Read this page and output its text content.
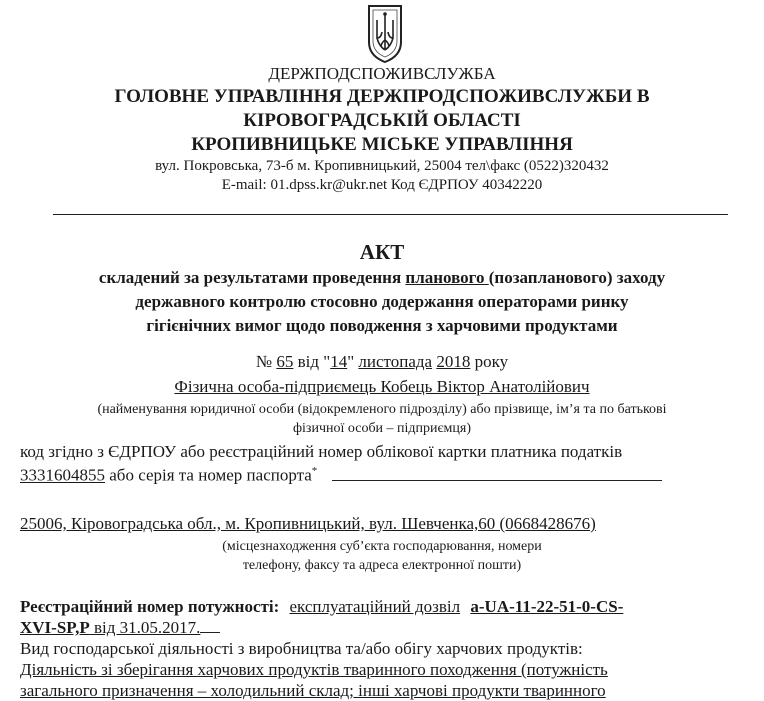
ДЕРЖПОДСПОЖИВСЛУЖБА
ГОЛОВНЕ УПРАВЛІННЯ ДЕРЖПРОДСПОЖИВСЛУЖБИ В
КІРОВОГРАДСЬКІЙ ОБЛАСТІ
КРОПИВНИЦЬКЕ МІСЬКЕ УПРАВЛІННЯ
вул. Покровська, 73-б м. Кропивницький, 25004 тел\факс (0522)320432
E-mail: 01.dpss.kr@ukr.net Код ЄДРПОУ 40342220
АКТ
складений за результатами проведення планового (позапланового) заходу
державного контролю стосовно додержання операторами ринку
гігієнічних вимог щодо поводження з харчовими продуктами
№ 65 від "14" листопада 2018 року
Фізична особа-підприємець Кобець Віктор Анатолійович
(найменування юридичної особи (відокремленого підрозділу) або прізвище, ім’я та по батькові
фізичної особи – підприємця)
код згідно з ЄДРПОУ або реєстраційний номер облікової картки платника податків
3331604855 або серія та номер паспорта*
25006, Кіровоградська обл., м. Кропивницький, вул. Шевченка,60 (0668428676)
(місцезнаходження суб’єкта господарювання, номери
телефону, факсу та адреса електронної пошти)
Реєстраційний номер потужності: експлуатаційний дозвіл а-UA-11-22-51-0-CS-
XVI-SP,P від 31.05.2017.
Вид господарської діяльності з виробництва та/або обігу харчових продуктів:
Діяльність зі зберігання харчових продуктів тваринного походження (потужність
загального призначення – холодильний склад; інші харчові продукти тваринного
